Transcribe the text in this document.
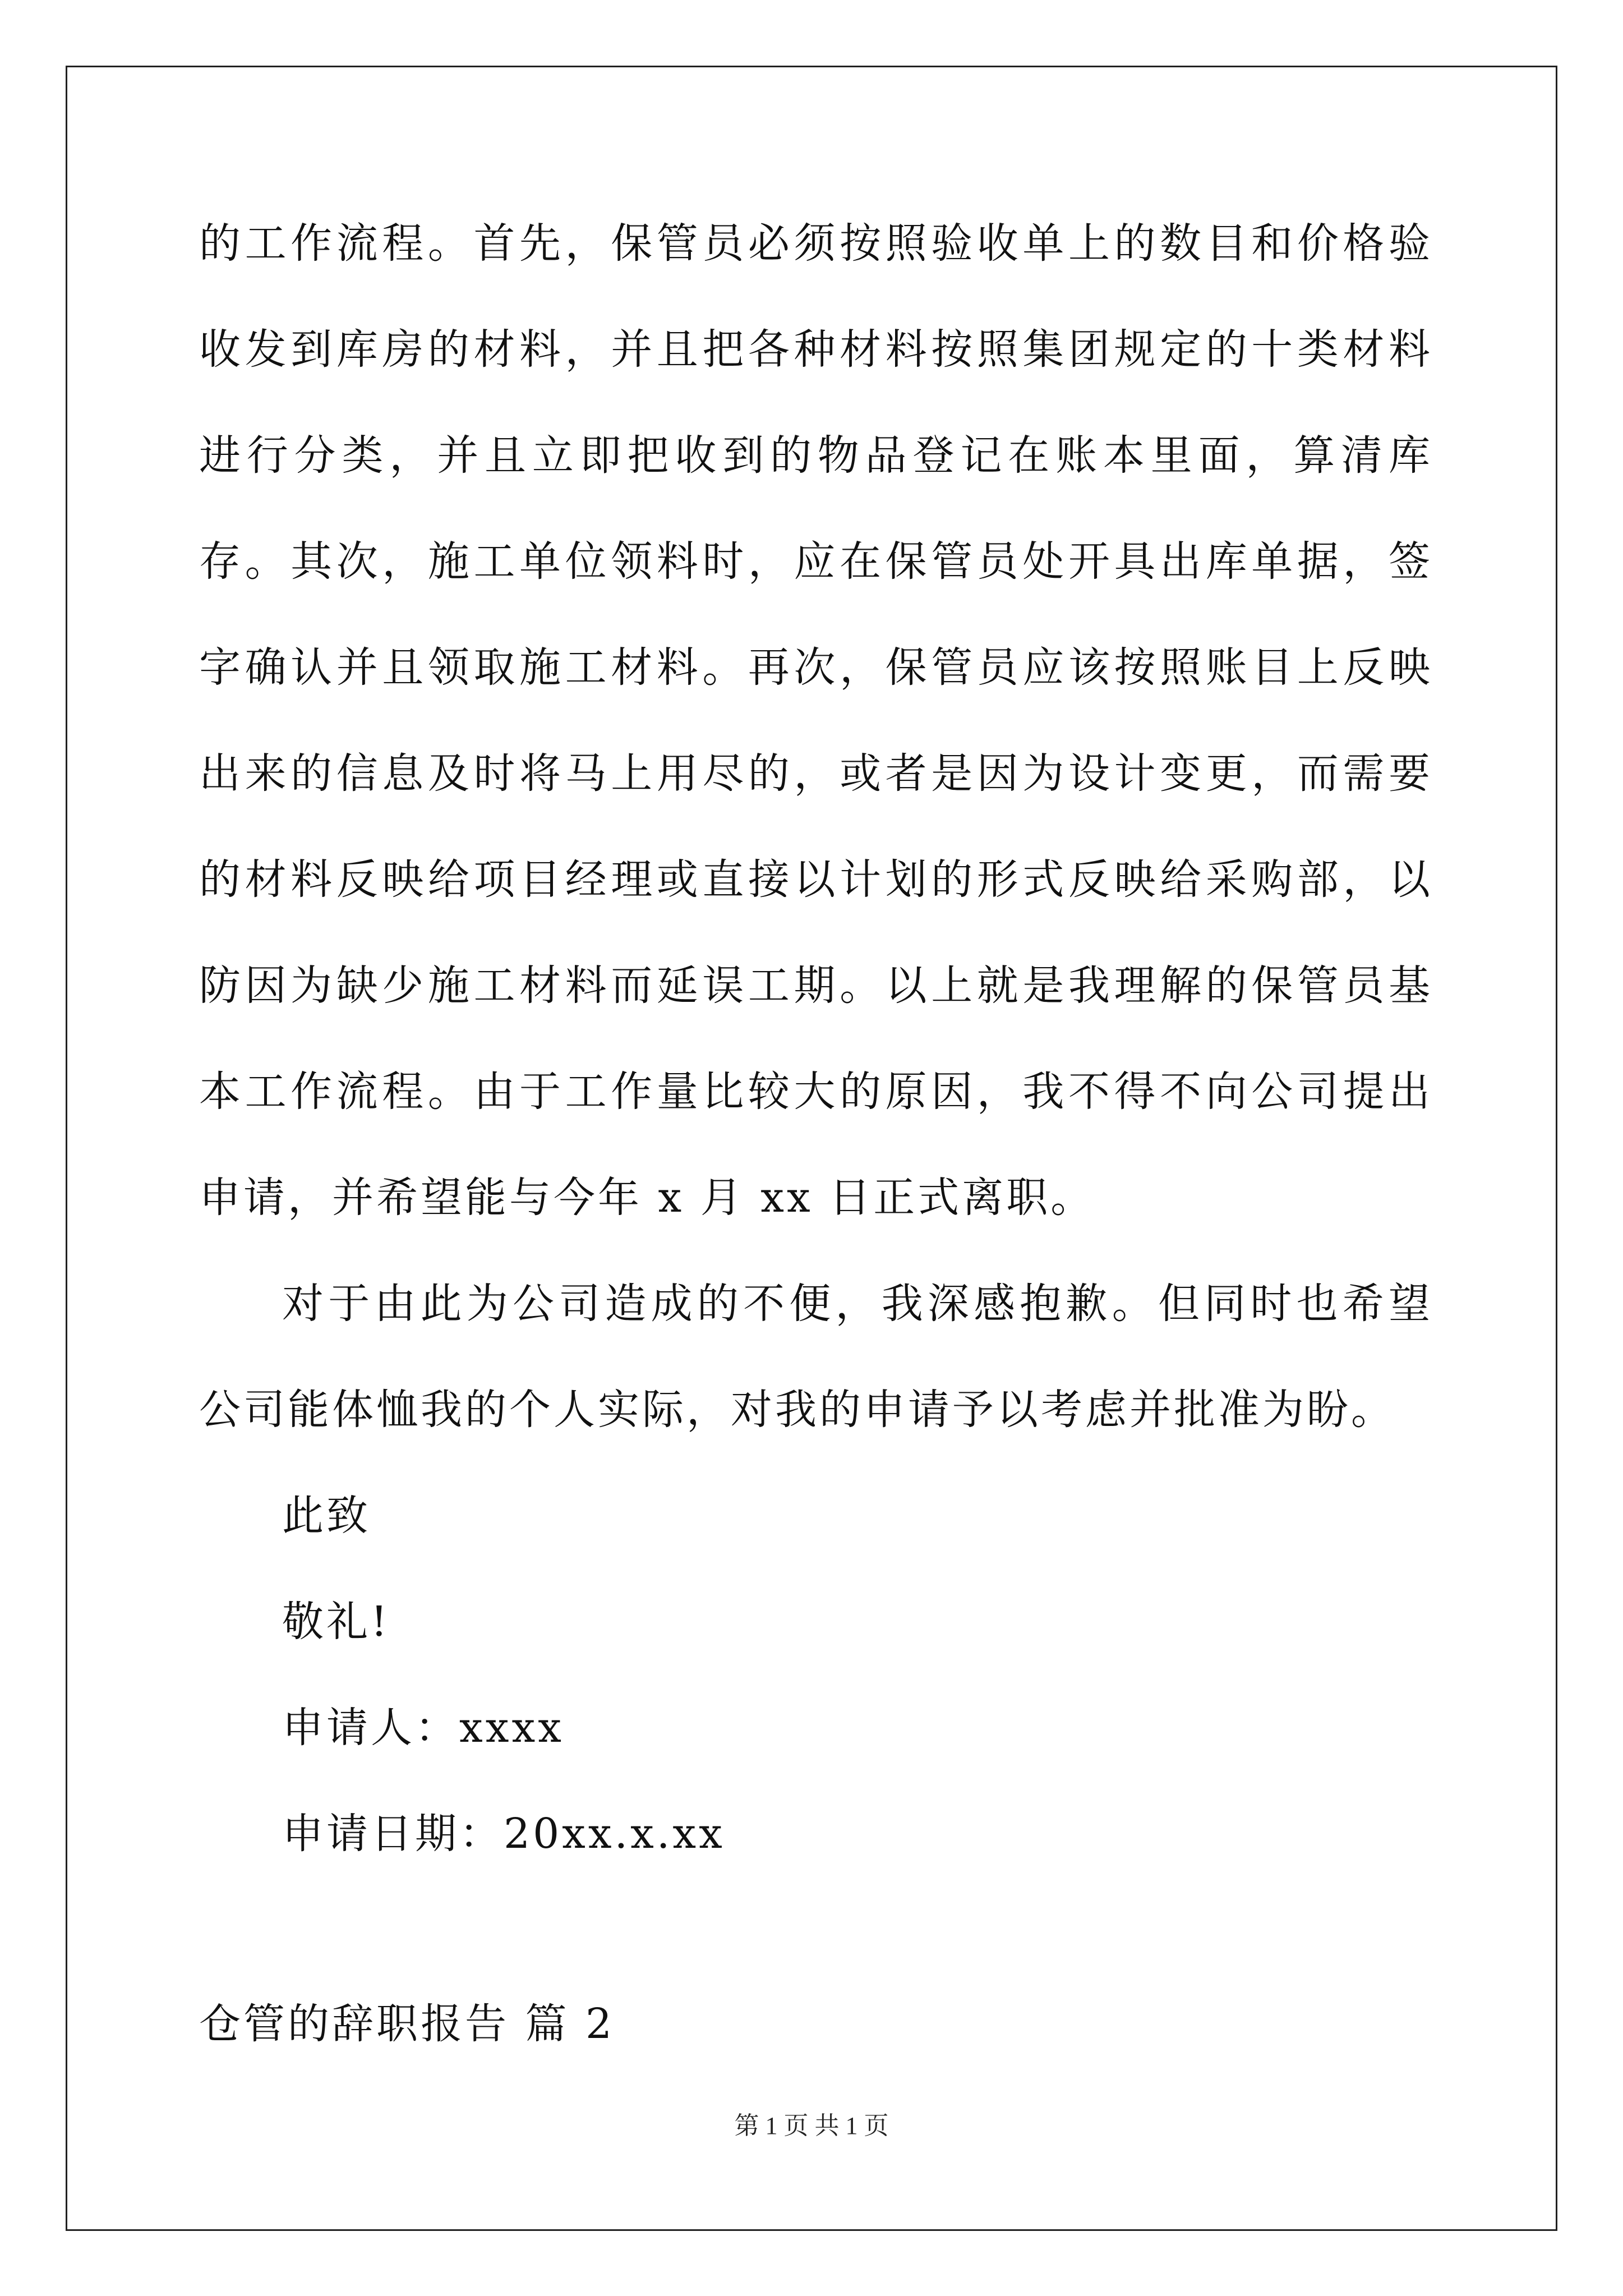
的工作流程。首先，保管员必须按照验收单上的数目和价格验收发到库房的材料，并且把各种材料按照集团规定的十类材料进行分类，并且立即把收到的物品登记在账本里面，算清库存。其次，施工单位领料时，应在保管员处开具出库单据，签字确认并且领取施工材料。再次，保管员应该按照账目上反映出来的信息及时将马上用尽的，或者是因为设计变更，而需要的材料反映给项目经理或直接以计划的形式反映给采购部，以防因为缺少施工材料而延误工期。以上就是我理解的保管员基本工作流程。由于工作量比较大的原因，我不得不向公司提出申请，并希望能与今年 x 月 xx 日正式离职。

对于由此为公司造成的不便，我深感抱歉。但同时也希望公司能体恤我的个人实际，对我的申请予以考虑并批准为盼。

此致

敬礼!

申请人：xxxx

申请日期：20xx.x.xx

仓管的辞职报告 篇 2

第 1 页 共 1 页
